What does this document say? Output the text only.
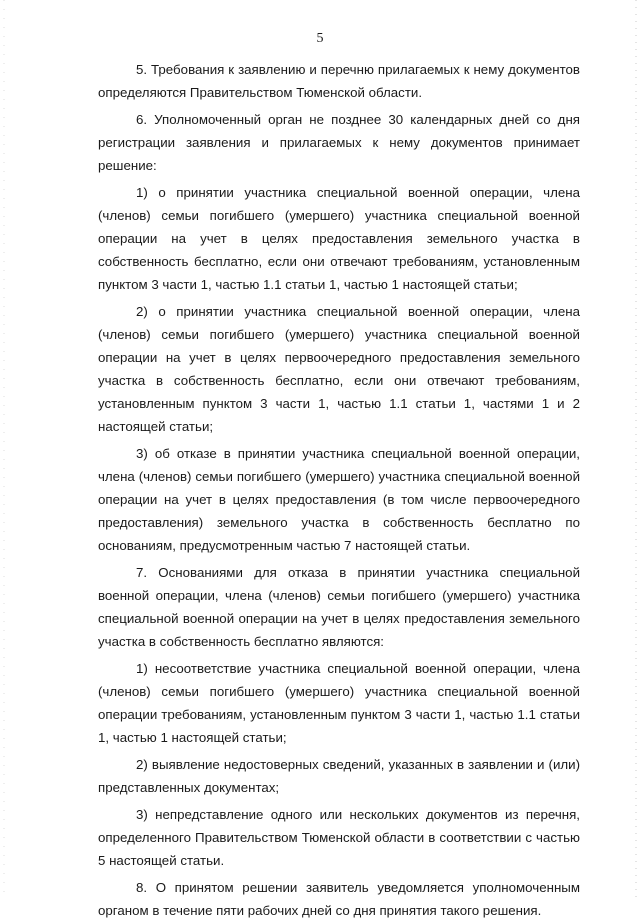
5

5. Требования к заявлению и перечню прилагаемых к нему документов определяются Правительством Тюменской области.

6. Уполномоченный орган не позднее 30 календарных дней со дня регистрации заявления и прилагаемых к нему документов принимает решение:

1) о принятии участника специальной военной операции, члена (членов) семьи погибшего (умершего) участника специальной военной операции на учет в целях предоставления земельного участка в собственность бесплатно, если они отвечают требованиям, установленным пунктом 3 части 1, частью 1.1 статьи 1, частью 1 настоящей статьи;

2) о принятии участника специальной военной операции, члена (членов) семьи погибшего (умершего) участника специальной военной операции на учет в целях первоочередного предоставления земельного участка в собственность бесплатно, если они отвечают требованиям, установленным пунктом 3 части 1, частью 1.1 статьи 1, частями 1 и 2 настоящей статьи;

3) об отказе в принятии участника специальной военной операции, члена (членов) семьи погибшего (умершего) участника специальной военной операции на учет в целях предоставления (в том числе первоочередного предоставления) земельного участка в собственность бесплатно по основаниям, предусмотренным частью 7 настоящей статьи.

7. Основаниями для отказа в принятии участника специальной военной операции, члена (членов) семьи погибшего (умершего) участника специальной военной операции на учет в целях предоставления земельного участка в собственность бесплатно являются:

1) несоответствие участника специальной военной операции, члена (членов) семьи погибшего (умершего) участника специальной военной операции требованиям, установленным пунктом 3 части 1, частью 1.1 статьи 1, частью 1 настоящей статьи;

2) выявление недостоверных сведений, указанных в заявлении и (или) представленных документах;

3) непредставление одного или нескольких документов из перечня, определенного Правительством Тюменской области в соответствии с частью 5 настоящей статьи.

8. О принятом решении заявитель уведомляется уполномоченным органом в течение пяти рабочих дней со дня принятия такого решения.
